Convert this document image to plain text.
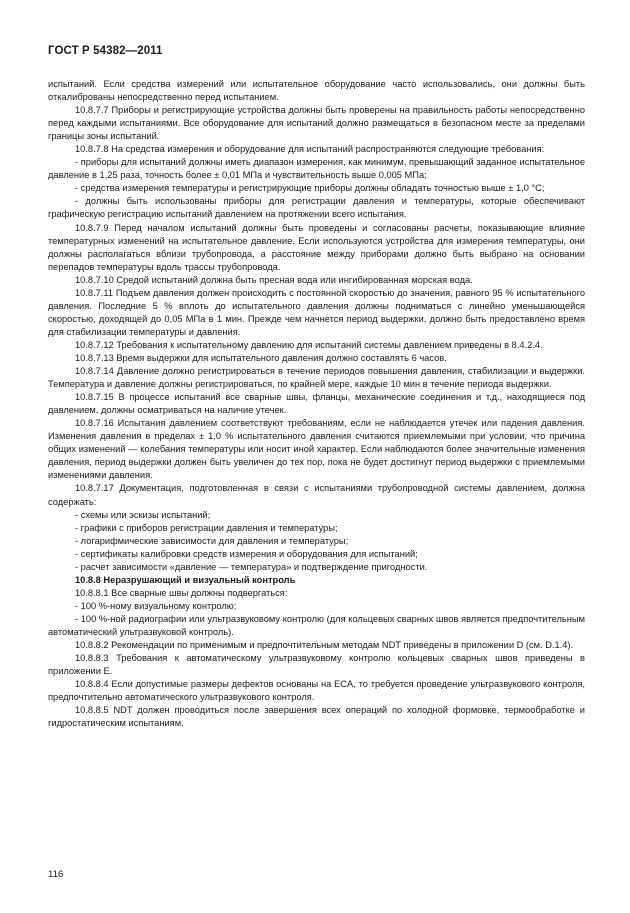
ГОСТ Р 54382—2011

испытаний. Если средства измерений или испытательное оборудование часто использовались, они должны быть откалиброваны непосредственно перед испытанием.

10.8.7.7 Приборы и регистрирующие устройства должны быть проверены на правильность работы непосредственно перед каждыми испытаниями. Все оборудование для испытаний должно размещаться в безопасном месте за пределами границы зоны испытаний.

10.8.7.8 На средства измерения и оборудование для испытаний распространяются следующие требования:

- приборы для испытаний должны иметь диапазон измерения, как минимум, превышающий заданное испытательное давление в 1,25 раза, точность более ± 0,01 МПа и чувствительность выше 0,005 МПа;

- средства измерения температуры и регистрирующие приборы должны обладать точностью выше ± 1,0 °С;

- должны быть использованы приборы для регистрации давления и температуры, которые обеспечивают графическую регистрацию испытаний давлением на протяжении всего испытания.

10.8.7.9 Перед началом испытаний должны быть проведены и согласованы расчеты, показывающие влияние температурных изменений на испытательное давление. Если используются устройства для измерения температуры, они должны располагаться вблизи трубопровода, а расстояние между приборами должно быть выбрано на основании перепадов температуры вдоль трассы трубопровода.

10.8.7.10 Средой испытаний должна быть пресная вода или ингибированная морская вода.

10.8.7.11 Подъем давления должен происходить с постоянной скоростью до значения, равного 95 % испытательного давления. Последние 5 % вплоть до испытательного давления должны подниматься с линейно уменьшающейся скоростью, доходящей до 0,05 МПа в 1 мин. Прежде чем начнется период выдержки, должно быть предоставлено время для стабилизации температуры и давления.

10.8.7.12 Требования к испытательному давлению для испытаний системы давлением приведены в 8.4.2.4.

10.8.7.13 Время выдержки для испытательного давления должно составлять 6 часов.

10.8.7.14 Давление должно регистрироваться в течение периодов повышения давления, стабилизации и выдержки. Температура и давление должны регистрироваться, по крайней мере, каждые 10 мин в течение периода выдержки.

10.8.7.15 В процессе испытаний все сварные швы, фланцы, механические соединения и т.д., находящиеся под давлением, должны осматриваться на наличие утечек.

10.8.7.16 Испытания давлением соответствуют требованиям, если не наблюдается утечек или падения давления. Изменения давления в пределах ± 1,0 % испытательного давления считаются приемлемыми при условии, что причина общих изменений — колебания температуры или носит иной характер. Если наблюдаются более значительные изменения давления, период выдержки должен быть увеличен до тех пор, пока не будет достигнут период выдержки с приемлемыми изменениями давления.

10.8.7.17 Документация, подготовленная в связи с испытаниями трубопроводной системы давлением, должна содержать:

- схемы или эскизы испытаний;

- графики с приборов регистрации давления и температуры;

- логарифмические зависимости для давления и температуры;

- сертификаты калибровки средств измерения и оборудования для испытаний;

- расчет зависимости «давление — температура» и подтверждение пригодности.

10.8.8 Неразрушающий и визуальный контроль

10.8.8.1 Все сварные швы должны подвергаться:

- 100 %-ному визуальному контролю;

- 100 %-ной радиографии или ультразвуковому контролю (для кольцевых сварных швов является предпочтительным автоматический ультразвуковой контроль).

10.8.8.2 Рекомендации по применимым и предпочтительным методам NDT приведены в приложении D (см. D.1.4).

10.8.8.3 Требования к автоматическому ультразвуковому контролю кольцевых сварных швов приведены в приложении E.

10.8.8.4 Если допустимые размеры дефектов основаны на ECA, то требуется проведение ультразвукового контроля, предпочтительно автоматического ультразвукового контроля.

10.8.8.5 NDT должен проводиться после завершения всех операций по холодной формовке, термообработке и гидростатическим испытаниям.

116
